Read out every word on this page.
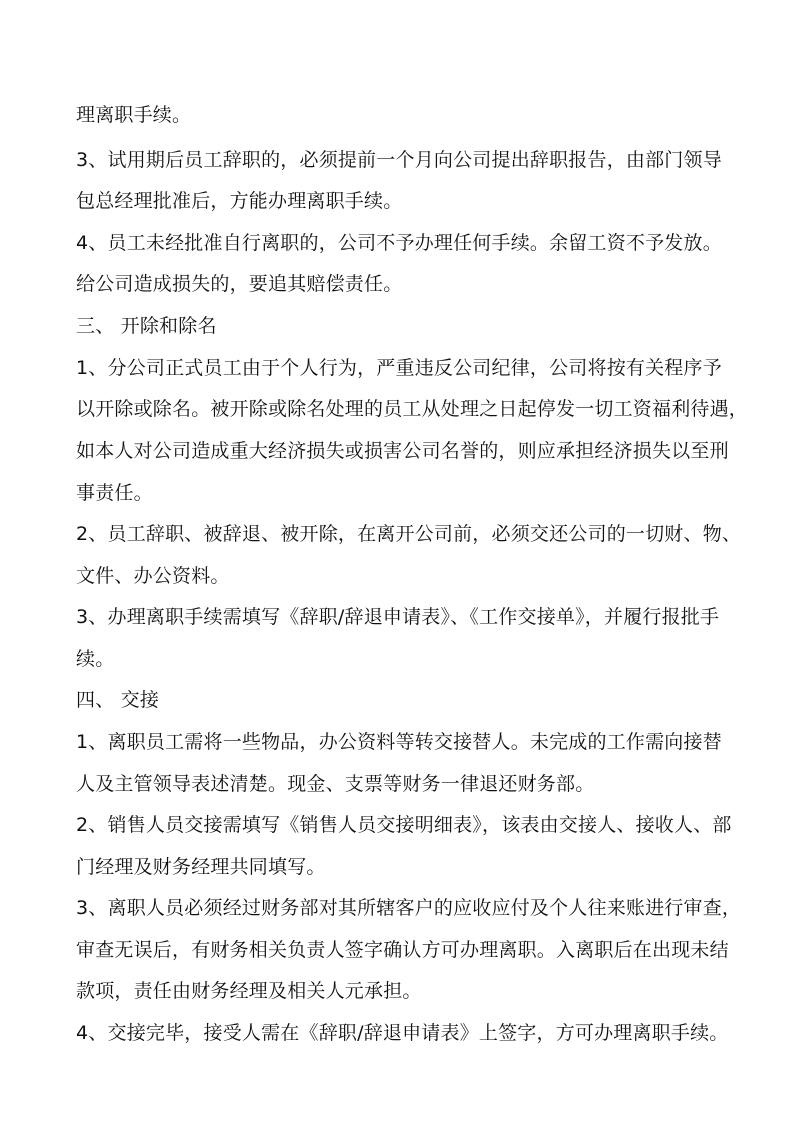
理离职手续。
3、试用期后员工辞职的，必须提前一个月向公司提出辞职报告，由部门领导
包总经理批准后，方能办理离职手续。
4、员工未经批准自行离职的，公司不予办理任何手续。余留工资不予发放。
给公司造成损失的，要追其赔偿责任。
三、 开除和除名
1、分公司正式员工由于个人行为，严重违反公司纪律，公司将按有关程序予
以开除或除名。被开除或除名处理的员工从处理之日起停发一切工资福利待遇，
如本人对公司造成重大经济损失或损害公司名誉的，则应承担经济损失以至刑
事责任。
2、员工辞职、被辞退、被开除，在离开公司前，必须交还公司的一切财、物、
文件、办公资料。
3、办理离职手续需填写《辞职/辞退申请表》、《工作交接单》，并履行报批手
续。
四、 交接
1、离职员工需将一些物品，办公资料等转交接替人。未完成的工作需向接替
人及主管领导表述清楚。现金、支票等财务一律退还财务部。
2、销售人员交接需填写《销售人员交接明细表》，该表由交接人、接收人、部
门经理及财务经理共同填写。
3、离职人员必须经过财务部对其所辖客户的应收应付及个人往来账进行审查，
审查无误后，有财务相关负责人签字确认方可办理离职。入离职后在出现未结
款项，责任由财务经理及相关人元承担。
4、交接完毕，接受人需在《辞职/辞退申请表》上签字，方可办理离职手续。
